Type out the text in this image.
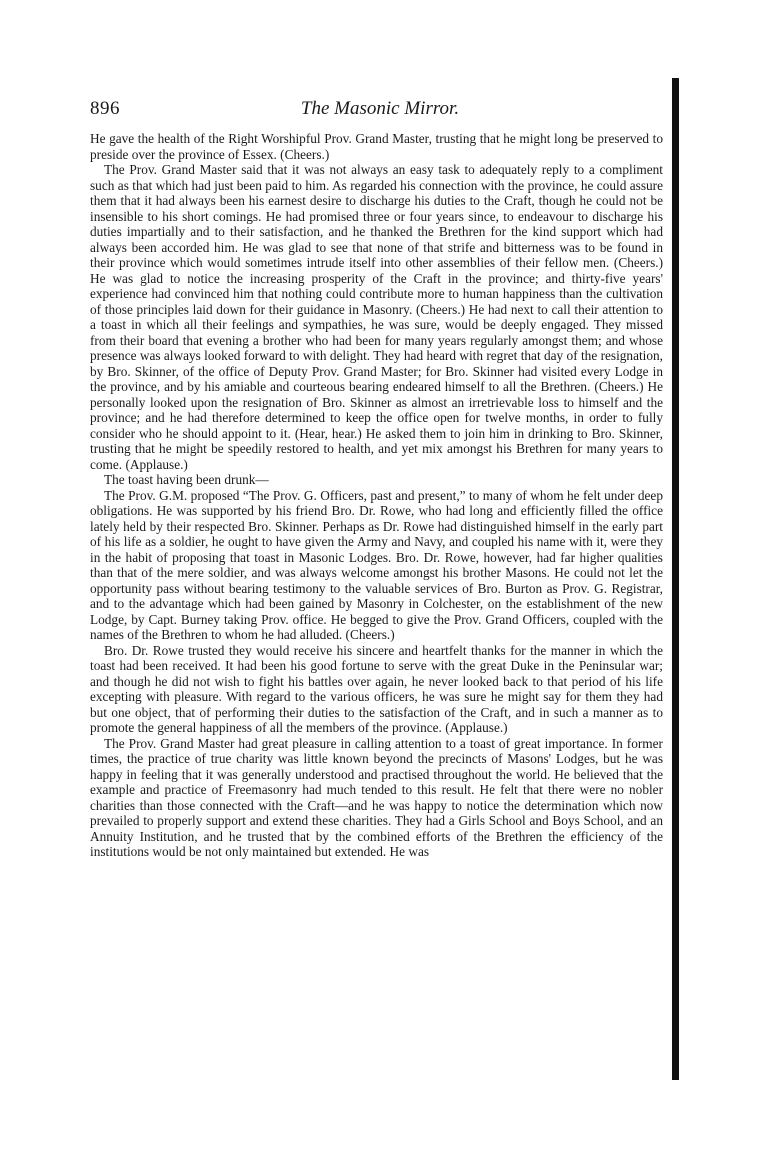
896	The Masonic Mirror.

He gave the health of the Right Worshipful Prov. Grand Master, trusting that he might long be preserved to preside over the province of Essex. (Cheers.)

The Prov. Grand Master said that it was not always an easy task to adequately reply to a compliment such as that which had just been paid to him. As regarded his connection with the province, he could assure them that it had always been his earnest desire to discharge his duties to the Craft, though he could not be insensible to his short comings. He had promised three or four years since, to endeavour to discharge his duties impartially and to their satisfaction, and he thanked the Brethren for the kind support which had always been accorded him. He was glad to see that none of that strife and bitterness was to be found in their province which would sometimes intrude itself into other assemblies of their fellow men. (Cheers.) He was glad to notice the increasing prosperity of the Craft in the province; and thirty-five years' experience had convinced him that nothing could contribute more to human happiness than the cultivation of those principles laid down for their guidance in Masonry. (Cheers.) He had next to call their attention to a toast in which all their feelings and sympathies, he was sure, would be deeply engaged. They missed from their board that evening a brother who had been for many years regularly amongst them; and whose presence was always looked forward to with delight. They had heard with regret that day of the resignation, by Bro. Skinner, of the office of Deputy Prov. Grand Master; for Bro. Skinner had visited every Lodge in the province, and by his amiable and courteous bearing endeared himself to all the Brethren. (Cheers.) He personally looked upon the resignation of Bro. Skinner as almost an irretrievable loss to himself and the province; and he had therefore determined to keep the office open for twelve months, in order to fully consider who he should appoint to it. (Hear, hear.) He asked them to join him in drinking to Bro. Skinner, trusting that he might be speedily restored to health, and yet mix amongst his Brethren for many years to come. (Applause.)

The toast having been drunk—

The Prov. G.M. proposed “The Prov. G. Officers, past and present,” to many of whom he felt under deep obligations. He was supported by his friend Bro. Dr. Rowe, who had long and efficiently filled the office lately held by their respected Bro. Skinner. Perhaps as Dr. Rowe had distinguished himself in the early part of his life as a soldier, he ought to have given the Army and Navy, and coupled his name with it, were they in the habit of proposing that toast in Masonic Lodges. Bro. Dr. Rowe, however, had far higher qualities than that of the mere soldier, and was always welcome amongst his brother Masons. He could not let the opportunity pass without bearing testimony to the valuable services of Bro. Burton as Prov. G. Registrar, and to the advantage which had been gained by Masonry in Colchester, on the establishment of the new Lodge, by Capt. Burney taking Prov. office. He begged to give the Prov. Grand Officers, coupled with the names of the Brethren to whom he had alluded. (Cheers.)

Bro. Dr. Rowe trusted they would receive his sincere and heartfelt thanks for the manner in which the toast had been received. It had been his good fortune to serve with the great Duke in the Peninsular war; and though he did not wish to fight his battles over again, he never looked back to that period of his life excepting with pleasure. With regard to the various officers, he was sure he might say for them they had but one object, that of performing their duties to the satisfaction of the Craft, and in such a manner as to promote the general happiness of all the members of the province. (Applause.)

The Prov. Grand Master had great pleasure in calling attention to a toast of great importance. In former times, the practice of true charity was little known beyond the precincts of Masons' Lodges, but he was happy in feeling that it was generally understood and practised throughout the world. He believed that the example and practice of Freemasonry had much tended to this result. He felt that there were no nobler charities than those connected with the Craft—and he was happy to notice the determination which now prevailed to properly support and extend these charities. They had a Girls School and Boys School, and an Annuity Institution, and he trusted that by the combined efforts of the Brethren the efficiency of the institutions would be not only maintained but extended. He was
